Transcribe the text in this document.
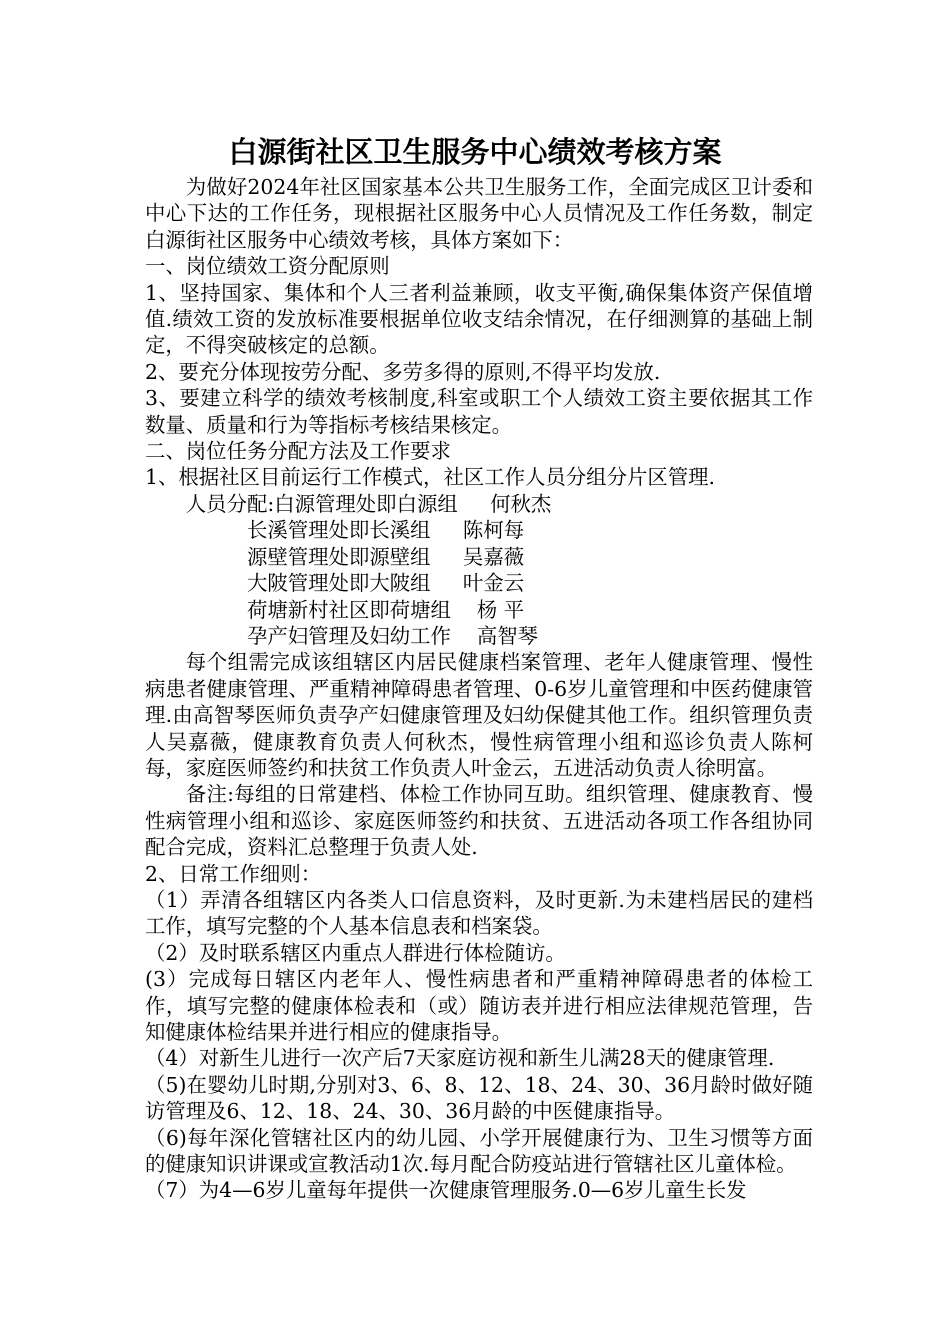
白源街社区卫生服务中心绩效考核方案

为做好2024年社区国家基本公共卫生服务工作，全面完成区卫计委和中心下达的工作任务，现根据社区服务中心人员情况及工作任务数，制定白源街社区服务中心绩效考核，具体方案如下：

一、岗位绩效工资分配原则

1、坚持国家、集体和个人三者利益兼顾，收支平衡,确保集体资产保值增值.绩效工资的发放标准要根据单位收支结余情况，在仔细测算的基础上制定，不得突破核定的总额。

2、要充分体现按劳分配、多劳多得的原则,不得平均发放.

3、要建立科学的绩效考核制度,科室或职工个人绩效工资主要依据其工作数量、质量和行为等指标考核结果核定。

二、岗位任务分配方法及工作要求

1、根据社区目前运行工作模式，社区工作人员分组分片区管理.

人员分配:白源管理处即白源组     何秋杰

长溪管理处即长溪组     陈柯每

源壁管理处即源壁组     吴嘉薇

大陂管理处即大陂组     叶金云

荷塘新村社区即荷塘组    杨 平

孕产妇管理及妇幼工作    高智琴

每个组需完成该组辖区内居民健康档案管理、老年人健康管理、慢性病患者健康管理、严重精神障碍患者管理、0-6岁儿童管理和中医药健康管理.由高智琴医师负责孕产妇健康管理及妇幼保健其他工作。组织管理负责人吴嘉薇，健康教育负责人何秋杰，慢性病管理小组和巡诊负责人陈柯每，家庭医师签约和扶贫工作负责人叶金云，五进活动负责人徐明富。

备注:每组的日常建档、体检工作协同互助。组织管理、健康教育、慢性病管理小组和巡诊、家庭医师签约和扶贫、五进活动各项工作各组协同配合完成，资料汇总整理于负责人处.

2、日常工作细则：

（1）弄清各组辖区内各类人口信息资料，及时更新.为未建档居民的建档工作，填写完整的个人基本信息表和档案袋。

（2）及时联系辖区内重点人群进行体检随访。

(3）完成每日辖区内老年人、慢性病患者和严重精神障碍患者的体检工作，填写完整的健康体检表和（或）随访表并进行相应法律规范管理，告知健康体检结果并进行相应的健康指导。

（4）对新生儿进行一次产后7天家庭访视和新生儿满28天的健康管理.

（5)在婴幼儿时期,分别对3、6、8、12、18、24、30、36月龄时做好随访管理及6、12、18、24、30、36月龄的中医健康指导。

（6)每年深化管辖社区内的幼儿园、小学开展健康行为、卫生习惯等方面的健康知识讲课或宣教活动1次.每月配合防疫站进行管辖社区儿童体检。

（7）为4—6岁儿童每年提供一次健康管理服务.0—6岁儿童生长发
